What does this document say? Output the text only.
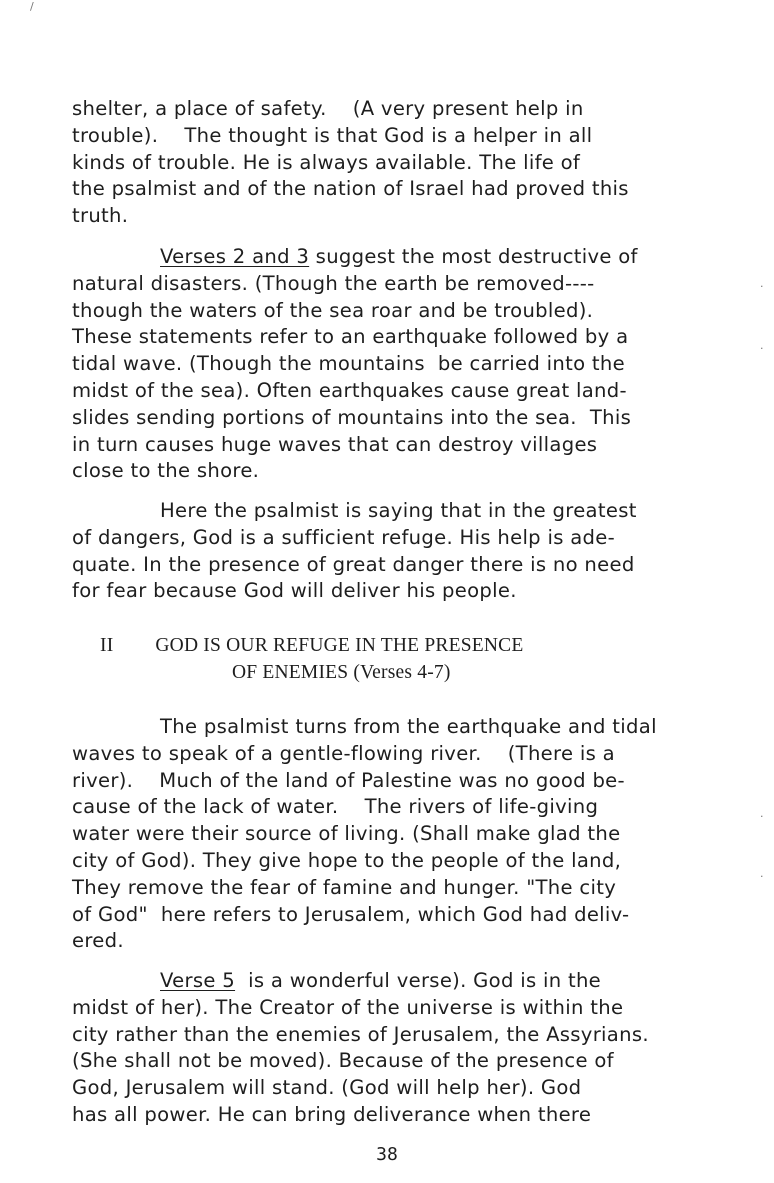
shelter, a place of safety.    (A very present help in
trouble).    The thought is that God is a helper in all
kinds of trouble. He is always available. The life of
the psalmist and of the nation of Israel had proved this
truth.
Verses 2 and 3 suggest the most destructive of
natural disasters. (Though the earth be removed----
though the waters of the sea roar and be troubled).
These statements refer to an earthquake followed by a
tidal wave. (Though the mountains  be carried into the
midst of the sea). Often earthquakes cause great land-
slides sending portions of mountains into the sea.  This
in turn causes huge waves that can destroy villages
close to the shore.
Here the psalmist is saying that in the greatest
of dangers, God is a sufficient refuge. His help is ade-
quate. In the presence of great danger there is no need
for fear because God will deliver his people.
II GOD IS OUR REFUGE IN THE PRESENCE
OF ENEMIES (Verses 4-7)
The psalmist turns from the earthquake and tidal
waves to speak of a gentle-flowing river.    (There is a
river).    Much of the land of Palestine was no good be-
cause of the lack of water.    The rivers of life-giving
water were their source of living. (Shall make glad the
city of God). They give hope to the people of the land,
They remove the fear of famine and hunger. "The city
of God"  here refers to Jerusalem, which God had deliv-
ered.
Verse 5  is a wonderful verse). God is in the
midst of her). The Creator of the universe is within the
city rather than the enemies of Jerusalem, the Assyrians.
(She shall not be moved). Because of the presence of
God, Jerusalem will stand. (God will help her). God
has all power. He can bring deliverance when there
38
/
·
·
·
·
